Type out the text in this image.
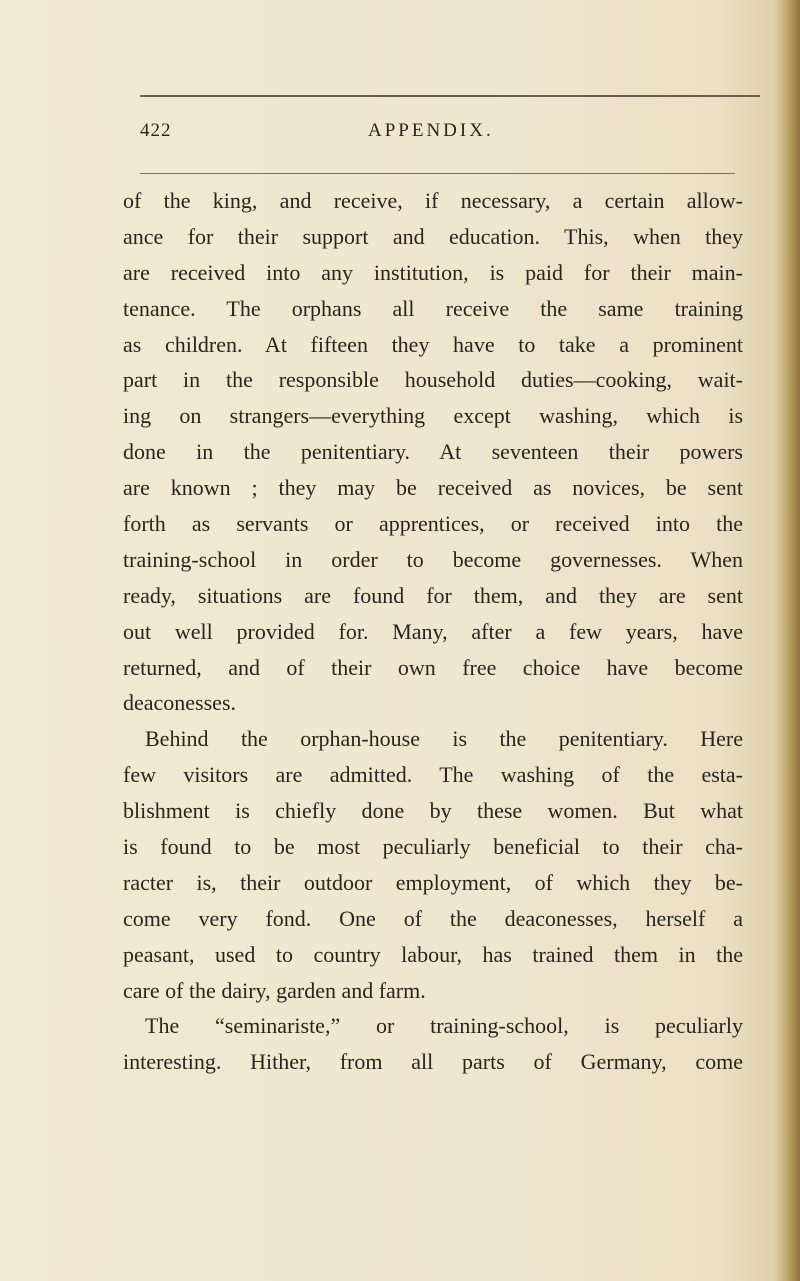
422	APPENDIX.
of the king, and receive, if necessary, a certain allow-
ance for their support and education. This, when they
are received into any institution, is paid for their main-
tenance. The orphans all receive the same training
as children. At fifteen they have to take a prominent
part in the responsible household duties—cooking, wait-
ing on strangers—everything except washing, which is
done in the penitentiary. At seventeen their powers
are known ; they may be received as novices, be sent
forth as servants or apprentices, or received into the
training-school in order to become governesses. When
ready, situations are found for them, and they are sent
out well provided for. Many, after a few years, have
returned, and of their own free choice have become
deaconesses.
Behind the orphan-house is the penitentiary. Here
few visitors are admitted. The washing of the esta-
blishment is chiefly done by these women. But what
is found to be most peculiarly beneficial to their cha-
racter is, their outdoor employment, of which they be-
come very fond. One of the deaconesses, herself a
peasant, used to country labour, has trained them in the
care of the dairy, garden and farm.
The “seminariste,” or training-school, is peculiarly
interesting. Hither, from all parts of Germany, come
